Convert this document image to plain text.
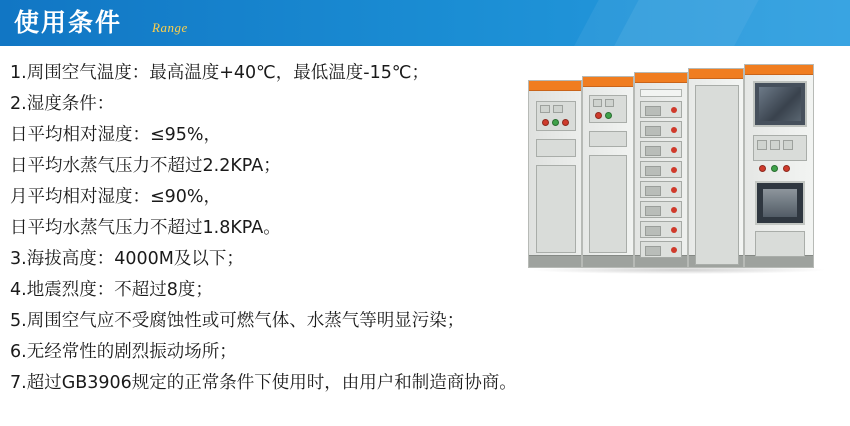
使用条件 Range
1.周围空气温度：最高温度+40℃，最低温度-15℃；
2.湿度条件：
日平均相对湿度：≤95%，
日平均水蒸气压力不超过2.2KPA；
月平均相对湿度：≤90%，
日平均水蒸气压力不超过1.8KPA。
3.海拔高度：4000M及以下；
4.地震烈度：不超过8度；
5.周围空气应不受腐蚀性或可燃气体、水蒸气等明显污染；
6.无经常性的剧烈振动场所；
7.超过GB3906规定的正常条件下使用时，由用户和制造商协商。
